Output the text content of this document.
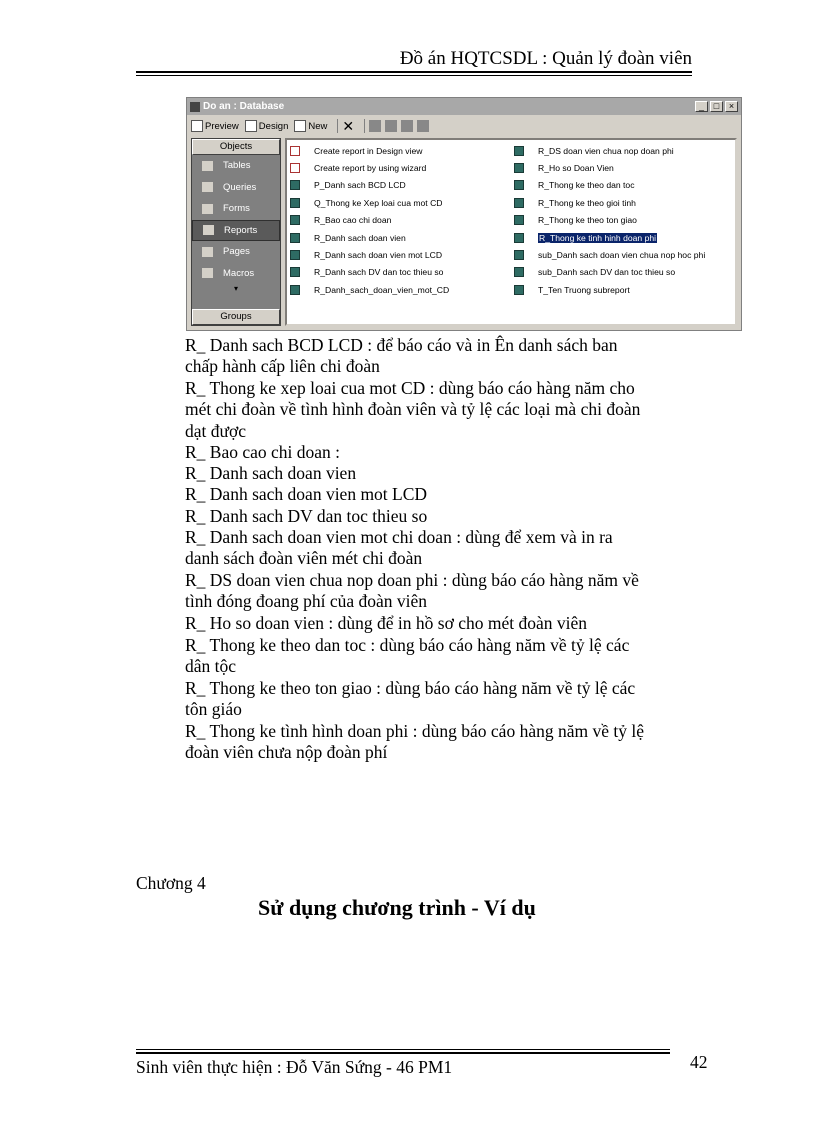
Đồ án HQTCSDL : Quản lý đoàn viên
Do an : Database	_	□	×
Preview Design New ✕
Objects
Tables
Queries
Forms
Reports
Pages
Macros
▾
Groups
Create report in Design view
Create report by using wizard
P_Danh sach BCD LCD
Q_Thong ke Xep loai cua mot CD
R_Bao cao chi doan
R_Danh sach doan vien
R_Danh sach doan vien mot LCD
R_Danh sach DV dan toc thieu so
R_Danh_sach_doan_vien_mot_CD
R_DS doan vien chua nop doan phi
R_Ho so Doan Vien
R_Thong ke theo dan toc
R_Thong ke theo gioi tinh
R_Thong ke theo ton giao
R_Thong ke tinh hinh doan phi
sub_Danh sach doan vien chua nop hoc phi
sub_Danh sach DV dan toc thieu so
T_Ten Truong subreport
R_ Danh sach BCD LCD : để báo cáo và in Ên danh sách ban
chấp hành cấp liên chi đoàn
R_ Thong ke xep loai cua mot CD : dùng báo cáo hàng năm cho
mét chi đoàn về tình hình đoàn viên và tỷ lệ các loại mà chi đoàn
dạt được
R_ Bao cao chi doan :
R_ Danh sach doan vien
R_ Danh sach doan vien mot LCD
R_ Danh sach DV dan toc thieu so
R_ Danh sach doan vien mot chi doan : dùng để xem và in ra
danh sách đoàn viên mét chi đoàn
R_ DS doan vien chua nop doan phi : dùng báo cáo hàng năm về
tình đóng đoang phí của đoàn viên
R_ Ho so doan vien : dùng để in hồ sơ cho mét đoàn viên
R_ Thong ke theo dan toc : dùng báo cáo hàng năm về tỷ lệ các
dân tộc
R_ Thong ke theo ton giao : dùng báo cáo hàng năm về tỷ lệ các
tôn giáo
R_ Thong ke tình hình doan phi : dùng báo cáo hàng năm về tỷ lệ
đoàn viên chưa nộp đoàn phí
Chương 4
Sử dụng chương trình - Ví dụ
Sinh viên thực hiện : Đỗ Văn Sứng - 46 PM1	42
